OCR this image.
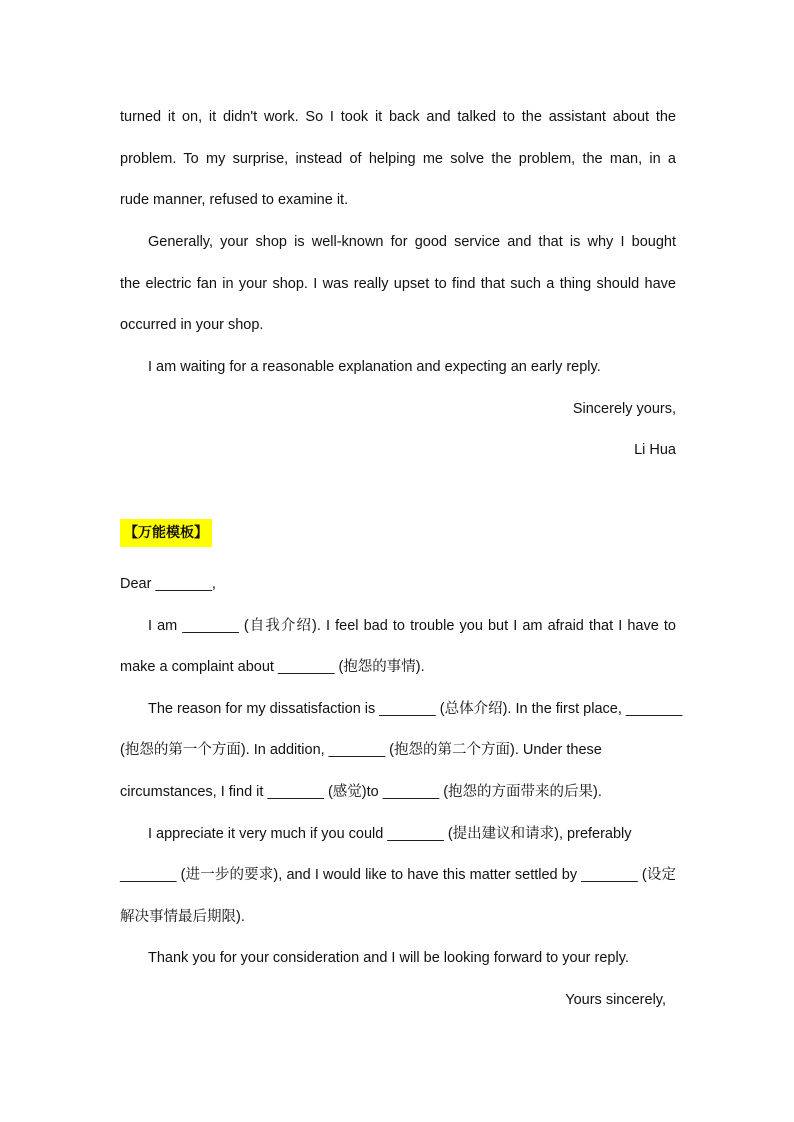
turned it on, it didn't work. So I took it back and talked to the assistant about the

problem. To my surprise, instead of helping me solve the problem, the man, in a

rude manner, refused to examine it.

Generally, your shop is well-known for good service and that is why I bought

the electric fan in your shop. I was really upset to find that such a thing should have

occurred in your shop.

I am waiting for a reasonable explanation and expecting an early reply.

Sincerely yours,

Li Hua

【万能模板】

Dear _______,

I am _______ (自我介绍). I feel bad to trouble you but I am afraid that I have to

make a complaint about _______ (抱怨的事情).

The reason for my dissatisfaction is _______ (总体介绍). In the first place, _______

(抱怨的第一个方面). In addition, _______ (抱怨的第二个方面). Under these

circumstances, I find it _______ (感觉)to _______ (抱怨的方面带来的后果).

I appreciate it very much if you could _______ (提出建议和请求), preferably

_______ (进一步的要求), and I would like to have this matter settled by _______ (设定

解决事情最后期限).

Thank you for your consideration and I will be looking forward to your reply.

Yours sincerely,
